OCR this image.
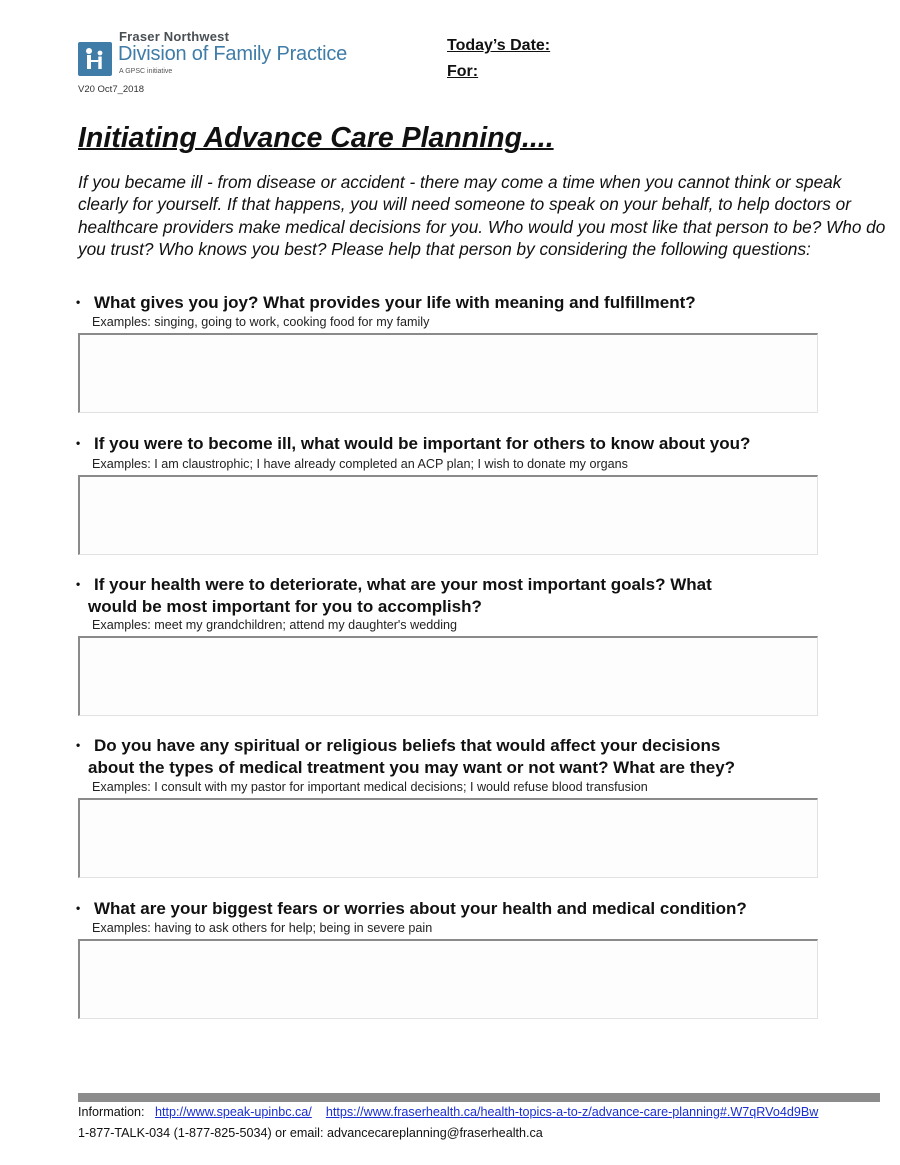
Fraser Northwest
Division of Family Practice
A GPSC initiative
V20 Oct7_2018
Today’s Date:
For:
Initiating Advance Care Planning....
If you became ill - from disease or accident - there may come a time when you cannot think or speak clearly for yourself. If that happens, you will need someone to speak on your behalf, to help doctors or healthcare providers make medical decisions for you. Who would you most like that person to be? Who do you trust? Who knows you best? Please help that person by considering the following questions:
• What gives you joy? What provides your life with meaning and fulfillment?
Examples: singing, going to work, cooking food for my family
• If you were to become ill, what would be important for others to know about you?
Examples: I am claustrophic; I have already completed an ACP plan; I wish to donate my organs
• If your health were to deteriorate, what are your most important goals? What
would be most important for you to accomplish?
Examples: meet my grandchildren; attend my daughter's wedding
• Do you have any spiritual or religious beliefs that would affect your decisions
about the types of medical treatment you may want or not want? What are they?
Examples: I consult with my pastor for important medical decisions; I would refuse blood transfusion
• What are your biggest fears or worries about your health and medical condition?
Examples: having to ask others for help; being in severe pain
Information: http://www.speak-upinbc.ca/ https://www.fraserhealth.ca/health-topics-a-to-z/advance-care-planning#.W7qRVo4d9Bw
1-877-TALK-034 (1-877-825-5034) or email: advancecareplanning@fraserhealth.ca
